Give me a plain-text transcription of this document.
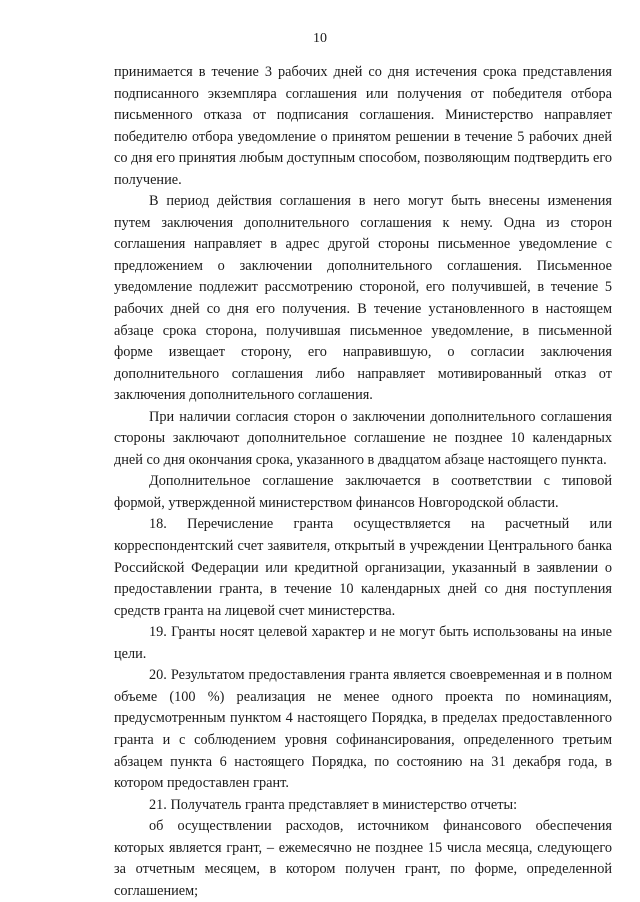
10

принимается в течение 3 рабочих дней со дня истечения срока представления подписанного экземпляра соглашения или получения от победителя отбора письменного отказа от подписания соглашения. Министерство направляет победителю отбора уведомление о принятом решении в течение 5 рабочих дней со дня его принятия любым доступным способом, позволяющим подтвердить его получение.

В период действия соглашения в него могут быть внесены изменения путем заключения дополнительного соглашения к нему. Одна из сторон соглашения направляет в адрес другой стороны письменное уведомление с предложением о заключении дополнительного соглашения. Письменное уведомление подлежит рассмотрению стороной, его получившей, в течение 5 рабочих дней со дня его получения. В течение установленного в настоящем абзаце срока сторона, получившая письменное уведомление, в письменной форме извещает сторону, его направившую, о согласии заключения дополнительного соглашения либо направляет мотивированный отказ от заключения дополнительного соглашения.

При наличии согласия сторон о заключении дополнительного соглашения стороны заключают дополнительное соглашение не позднее 10 календарных дней со дня окончания срока, указанного в двадцатом абзаце настоящего пункта.

Дополнительное соглашение заключается в соответствии с типовой формой, утвержденной министерством финансов Новгородской области.

18. Перечисление гранта осуществляется на расчетный или корреспондентский счет заявителя, открытый в учреждении Центрального банка Российской Федерации или кредитной организации, указанный в заявлении о предоставлении гранта, в течение 10 календарных дней со дня поступления средств гранта на лицевой счет министерства.

19. Гранты носят целевой характер и не могут быть использованы на иные цели.

20. Результатом предоставления гранта является своевременная и в полном объеме (100 %) реализация не менее одного проекта по номинациям, предусмотренным пунктом 4 настоящего Порядка, в пределах предоставленного гранта и с соблюдением уровня софинансирования, определенного третьим абзацем пункта 6 настоящего Порядка, по состоянию на 31 декабря года, в котором предоставлен грант.

21. Получатель гранта представляет в министерство отчеты:

об осуществлении расходов, источником финансового обеспечения которых является грант, – ежемесячно не позднее 15 числа месяца, следующего за отчетным месяцем, в котором получен грант, по форме, определенной соглашением;
